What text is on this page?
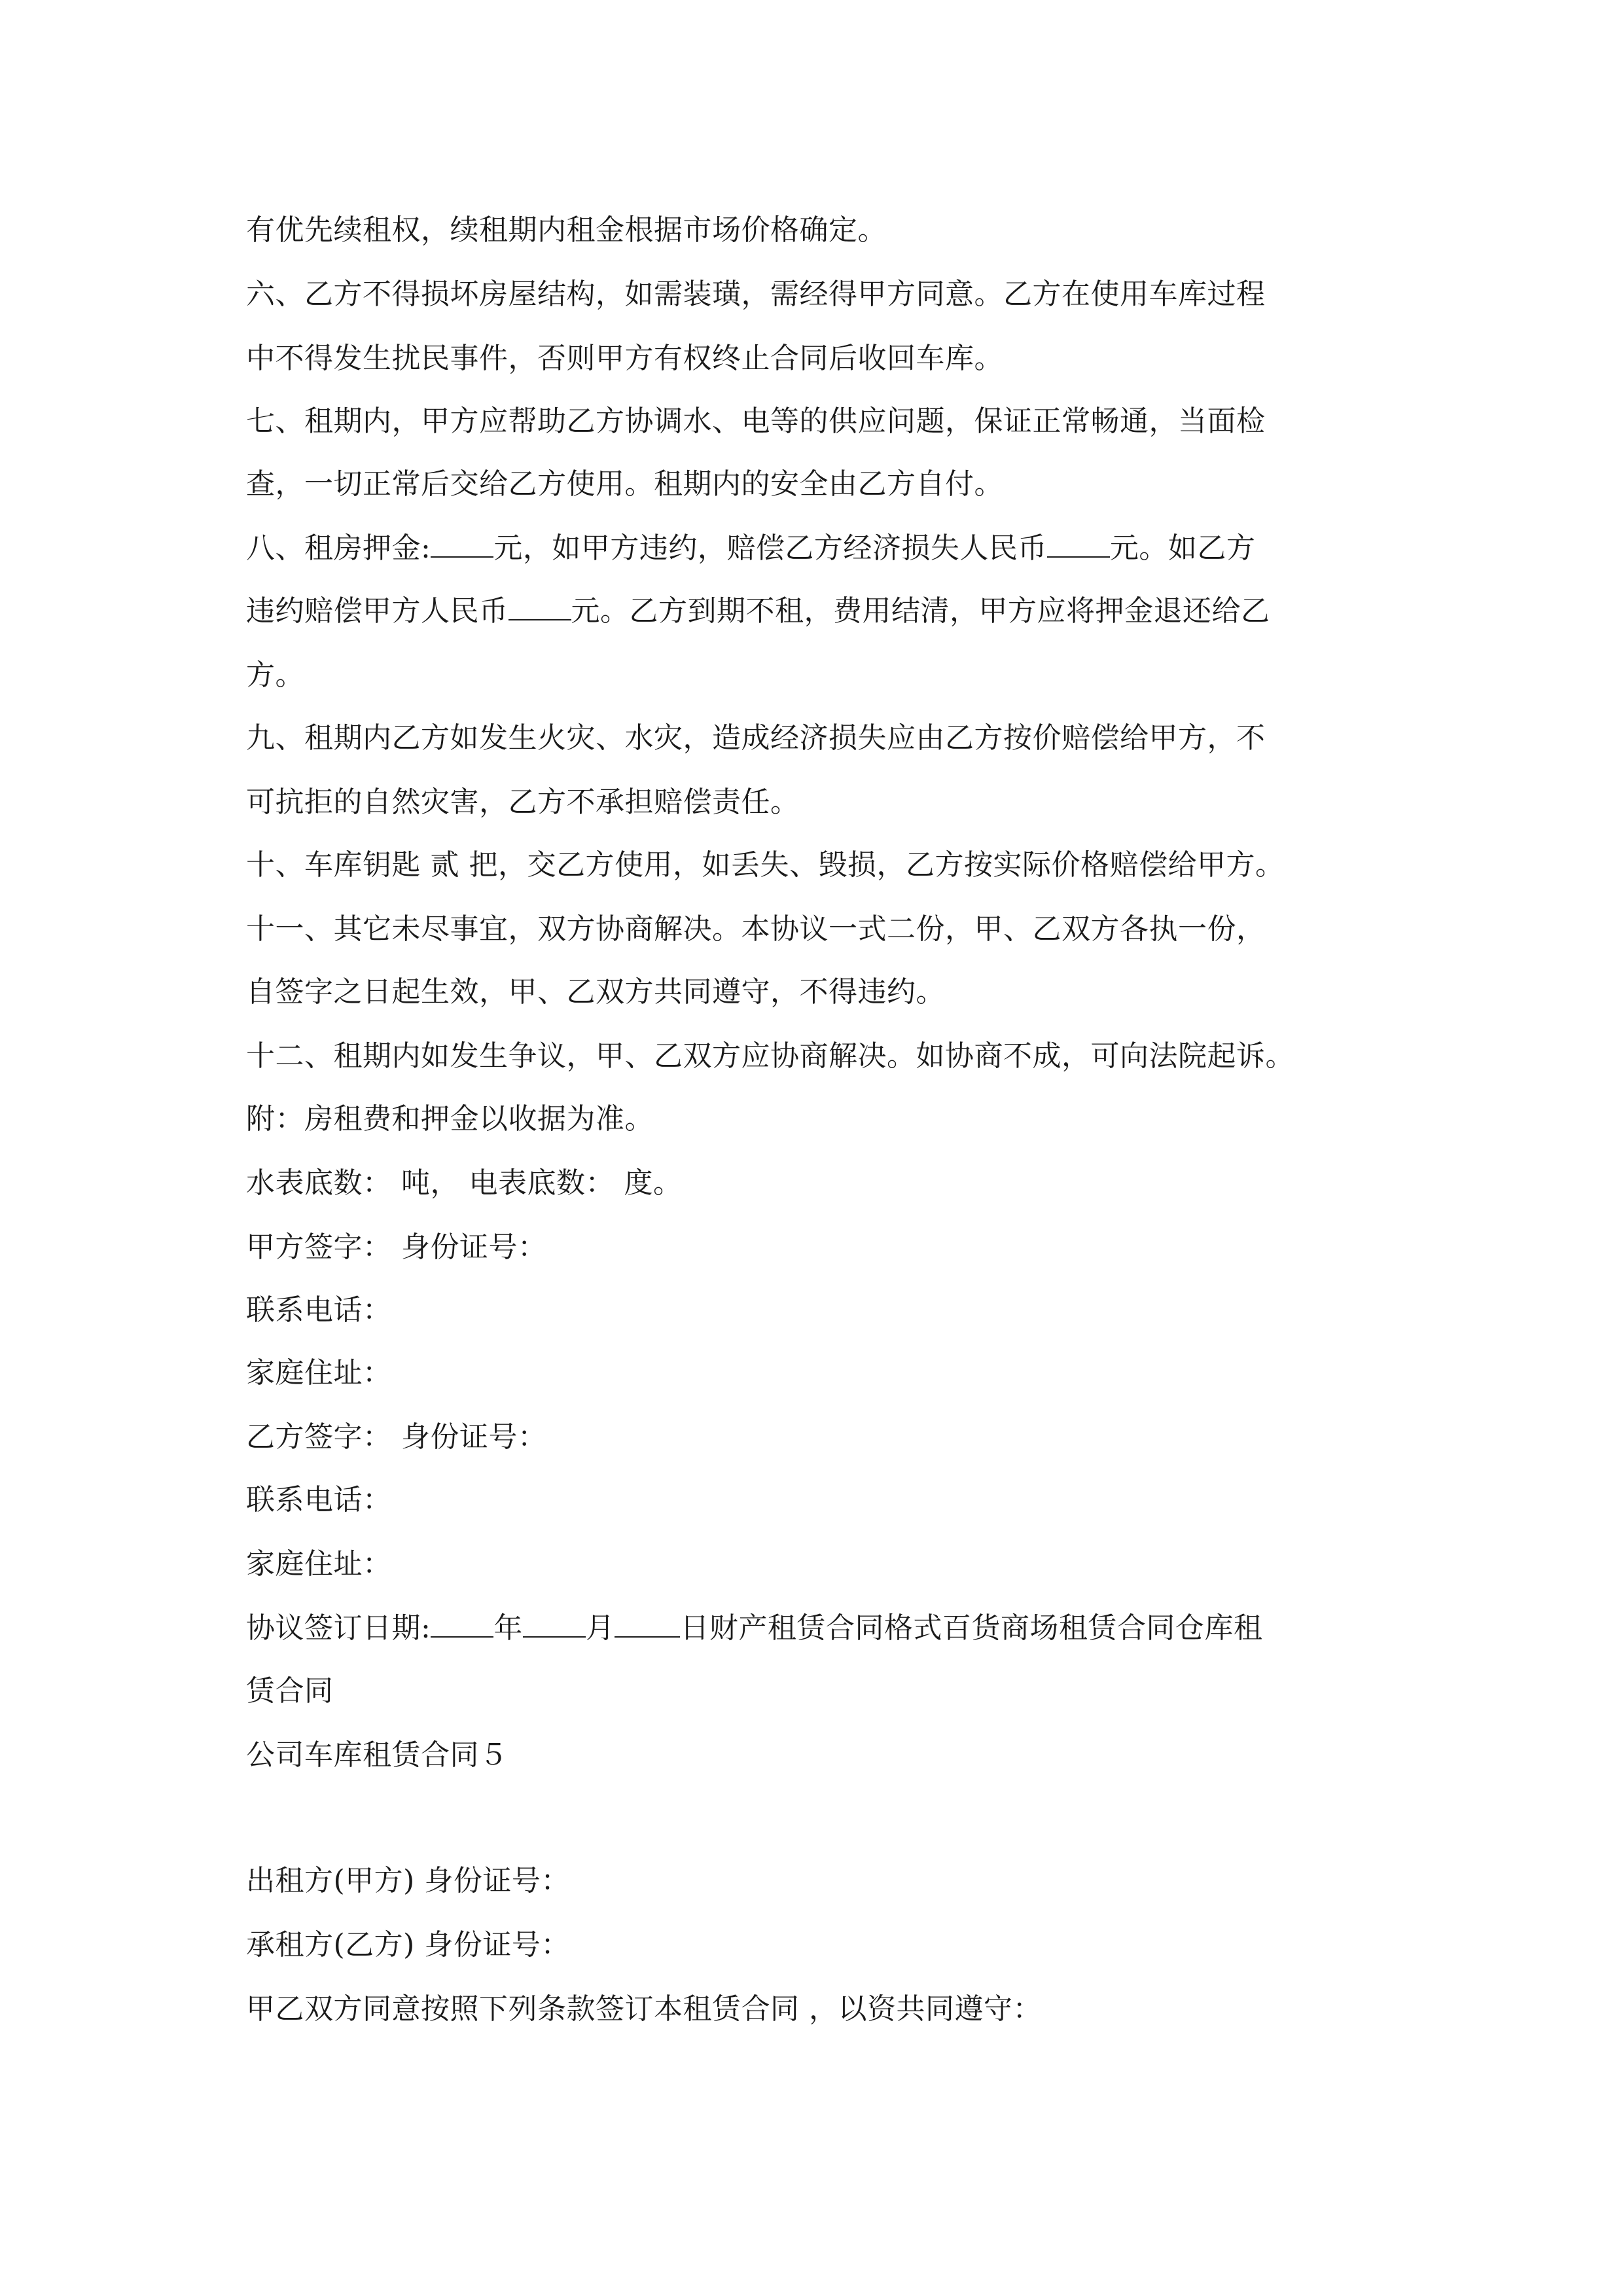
有优先续租权，续租期内租金根据市场价格确定。
六、乙方不得损坏房屋结构，如需装璜，需经得甲方同意。乙方在使用车库过程
中不得发生扰民事件，否则甲方有权终止合同后收回车库。
七、租期内，甲方应帮助乙方协调水、电等的供应问题，保证正常畅通，当面检
查，一切正常后交给乙方使用。租期内的安全由乙方自付。
八、租房押金: 元，如甲方违约，赔偿乙方经济损失人民币 元。如乙方
违约赔偿甲方人民币 元。乙方到期不租，费用结清，甲方应将押金退还给乙
方。
九、租期内乙方如发生火灾、水灾，造成经济损失应由乙方按价赔偿给甲方，不
可抗拒的自然灾害，乙方不承担赔偿责任。
十、车库钥匙 贰 把，交乙方使用，如丢失、毁损，乙方按实际价格赔偿给甲方。
十一、其它未尽事宜，双方协商解决。本协议一式二份，甲、乙双方各执一份，
自签字之日起生效，甲、乙双方共同遵守，不得违约。
十二、租期内如发生争议，甲、乙双方应协商解决。如协商不成，可向法院起诉。
附：房租费和押金以收据为准。
水表底数： 吨， 电表底数： 度。
甲方签字： 身份证号：
联系电话：
家庭住址：
乙方签字： 身份证号：
联系电话：
家庭住址：
协议签订日期: 年 月 日财产租赁合同格式百货商场租赁合同仓库租
赁合同
公司车库租赁合同５
出租方(甲方) 身份证号：
承租方(乙方) 身份证号：
甲乙双方同意按照下列条款签订本租赁合同 ，以资共同遵守：
